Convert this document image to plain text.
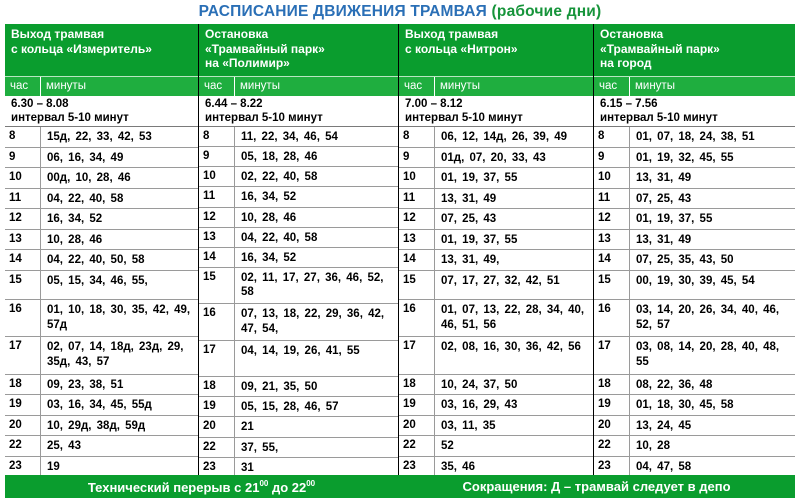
РАСПИСАНИЕ ДВИЖЕНИЯ ТРАМВАЯ (рабочие дни)
Выход трамвая
с кольца «Измеритель»
час	минуты
6.30 – 8.08
интервал 5-10 минут
8	15д, 22, 33, 42, 53
9	06, 16, 34, 49
10	00д, 10, 28, 46
11	04, 22, 40, 58
12	16, 34, 52
13	10, 28, 46
14	04, 22, 40, 50, 58
15	05, 15, 34, 46, 55,
16	01, 10, 18, 30, 35, 42, 49, 57д
17	02, 07, 14, 18д, 23д, 29, 35д, 43, 57
18	09, 23, 38, 51
19	03, 16, 34, 45, 55д
20	10, 29д, 38д, 59д
22	25, 43
23	19
Остановка
«Трамвайный парк»
на «Полимир»
час	минуты
6.44 – 8.22
интервал 5-10 минут
8	11, 22, 34, 46, 54
9	05, 18, 28, 46
10	02, 22, 40, 58
11	16, 34, 52
12	10, 28, 46
13	04, 22, 40, 58
14	16, 34, 52
15	02, 11, 17, 27, 36, 46, 52, 58
16	07, 13, 18, 22, 29, 36, 42, 47, 54,
17	04, 14, 19, 26, 41, 55
18	09, 21, 35, 50
19	05, 15, 28, 46, 57
20	21
22	37, 55,
23	31
Выход трамвая
с кольца «Нитрон»
час	минуты
7.00 – 8.12
интервал 5-10 минут
8	06, 12, 14д, 26, 39, 49
9	01д, 07, 20, 33, 43
10	01, 19, 37, 55
11	13, 31, 49
12	07, 25, 43
13	01, 19, 37, 55
14	13, 31, 49,
15	07, 17, 27, 32, 42, 51
16	01, 07, 13, 22, 28, 34, 40, 46, 51, 56
17	02, 08, 16, 30, 36, 42, 56
18	10, 24, 37, 50
19	03, 16, 29, 43
20	03, 11, 35
22	52
23	35, 46
Остановка
«Трамвайный парк»
на город
час	минуты
6.15 – 7.56
интервал 5-10 минут
8	01, 07, 18, 24, 38, 51
9	01, 19, 32, 45, 55
10	13, 31, 49
11	07, 25, 43
12	01, 19, 37, 55
13	13, 31, 49
14	07, 25, 35, 43, 50
15	00, 19, 30, 39, 45, 54
16	03, 14, 20, 26, 34, 40, 46, 52, 57
17	03, 08, 14, 20, 28, 40, 48, 55
18	08, 22, 36, 48
19	01, 18, 30, 45, 58
20	13, 24, 45
22	10, 28
23	04, 47, 58
Технический перерыв с $21^{00}$ до $22^{00}$	Сокращения: Д – трамвай следует в депо
